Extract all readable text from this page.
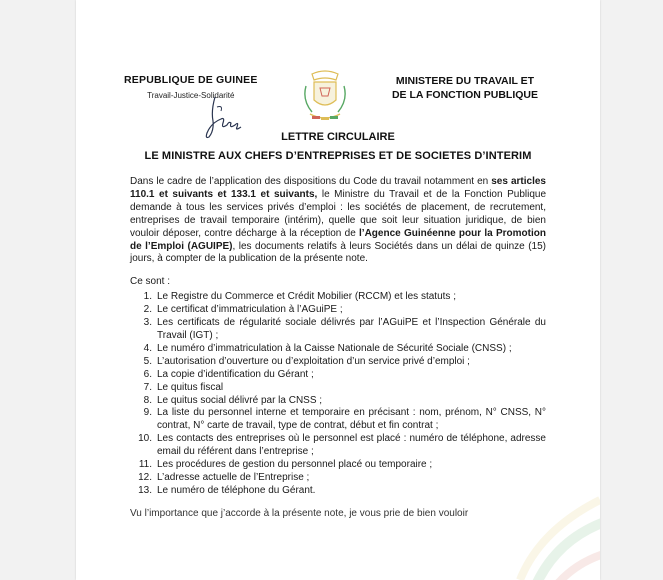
REPUBLIQUE DE GUINEE
Travail-Justice-Solidarité
MINISTERE DU TRAVAIL ET
DE LA FONCTION PUBLIQUE
LETTRE CIRCULAIRE
LE MINISTRE AUX CHEFS D’ENTREPRISES ET DE SOCIETES D’INTERIM
Dans le cadre de l’application des dispositions du Code du travail notamment en ses articles 110.1 et suivants et 133.1 et suivants, le Ministre du Travail et de la Fonction Publique demande à tous les services privés d’emploi : les sociétés de placement, de recrutement, entreprises de travail temporaire (intérim), quelle que soit leur situation juridique, de bien vouloir déposer, contre décharge à la réception de l’Agence Guinéenne pour la Promotion de l’Emploi (AGUIPE), les documents relatifs à leurs Sociétés dans un délai de quinze (15) jours, à compter de la publication de la présente note.
Ce sont :
1. Le Registre du Commerce et Crédit Mobilier (RCCM) et les statuts ;
2. Le certificat d’immatriculation à l’AGuiPE ;
3. Les certificats de régularité sociale délivrés par l’AGuiPE et l’Inspection Générale du Travail (IGT) ;
4. Le numéro d’immatriculation à la Caisse Nationale de Sécurité Sociale (CNSS) ;
5. L’autorisation d’ouverture ou d’exploitation d’un service privé d’emploi ;
6. La copie d’identification du Gérant ;
7. Le quitus fiscal
8. Le quitus social délivré par la CNSS ;
9. La liste du personnel interne et temporaire en précisant : nom, prénom, N° CNSS, N° contrat, N° carte de travail, type de contrat, début et fin contrat ;
10. Les contacts des entreprises où le personnel est placé : numéro de téléphone, adresse email du référent dans l’entreprise ;
11. Les procédures de gestion du personnel placé ou temporaire ;
12. L’adresse actuelle de l’Entreprise ;
13. Le numéro de téléphone du Gérant.
Vu l’importance que j’accorde à la présente note, je vous prie de bien vouloir
